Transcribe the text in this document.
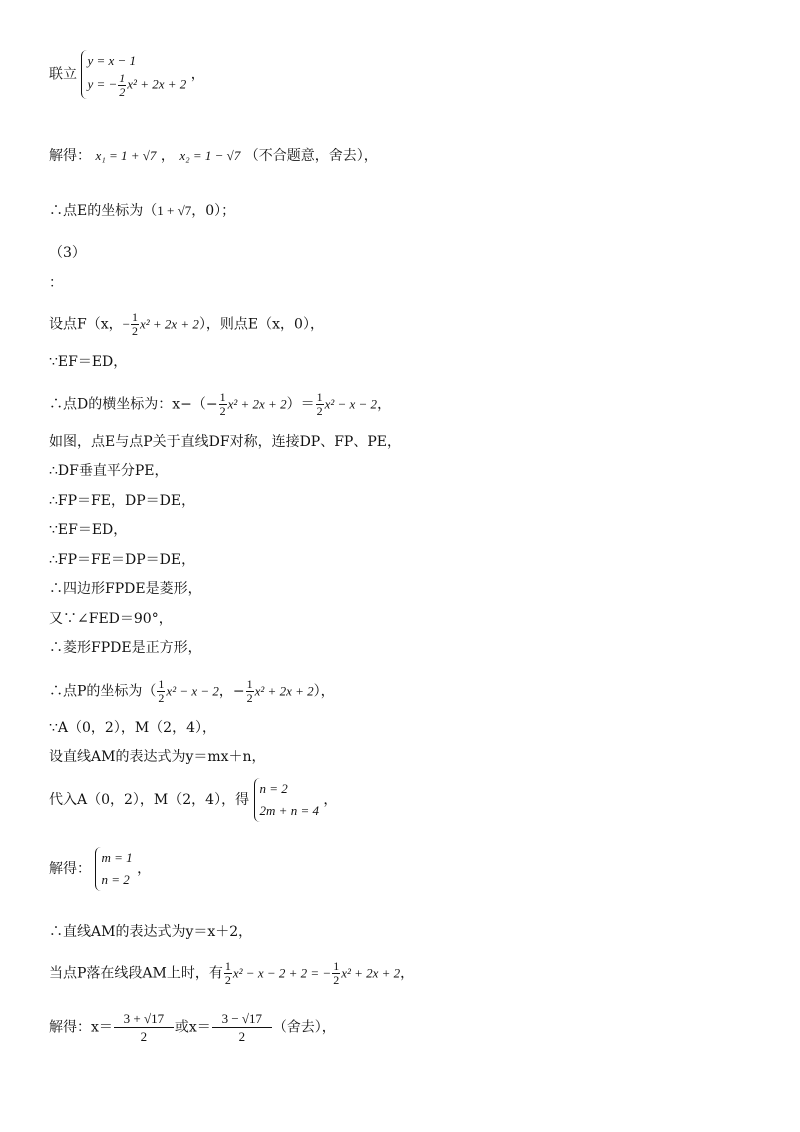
联立
y = x − 1
y = − $\frac{1}{2} x^2 + 2x + 2$
，
解得： x₁ = 1 + √7 ， x₂ = 1 − √7 （不合题意，舍去），
∴点E的坐标为（1 + √7，0）；
（3）
：
设点F（x，− $\frac{1}{2} x^2 + 2x + 2$），则点E（x，0），
∵EF＝ED，
∴点D的横坐标为：$x-(- \frac{1}{2} x^2 + 2x + 2)= \frac{1}{2} x^2 - x - 2$，
如图，点E与点P关于直线DF对称，连接DP、FP、PE，
∴DF垂直平分PE，
∴FP＝FE，DP＝DE，
∵EF＝ED，
∴FP＝FE＝DP＝DE，
∴四边形FPDE是菱形，
又∵∠FED＝90°，
∴菱形FPDE是正方形，
∴点P的坐标为（ $\frac{1}{2} x^2 - x - 2$，− $\frac{1}{2} x^2 + 2x + 2$），
∵A（0，2），M（2，4），
设直线AM的表达式为y＝mx＋n，
代入A（0，2），M（2，4），得
n = 2
2m + n = 4
，
解得：
m = 1
n = 2
，
∴直线AM的表达式为y＝x＋2，
当点P落在线段AM上时，有 $\frac{1}{2} x^2 - x - 2 + 2$ = − $\frac{1}{2} x^2 + 2x + 2$，
解得：$x= \frac{3 + √17}{2}$ 或$x= \frac{3 - √17}{2}$ （舍去），
